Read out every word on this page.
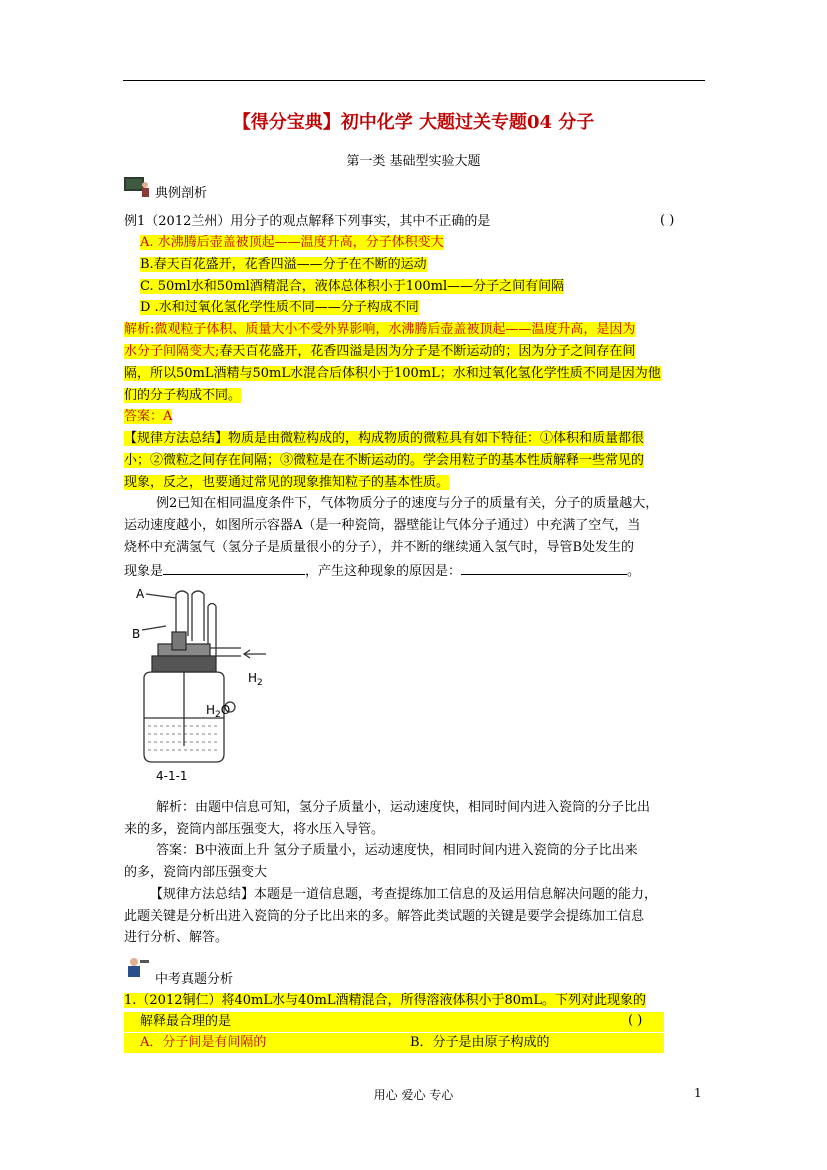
【得分宝典】初中化学 大题过关专题04 分子
第一类 基础型实验大题
典例剖析
例1（2012兰州）用分子的观点解释下列事实，其中不正确的是	( )
A. 水沸腾后壶盖被顶起——温度升高，分子体积变大
B.春天百花盛开，花香四溢——分子在不断的运动
C. 50ml水和50ml酒精混合，液体总体积小于100ml——分子之间有间隔
D .水和过氧化氢化学性质不同——分子构成不同
解析:微观粒子体积、质量大小不受外界影响，水沸腾后壶盖被顶起——温度升高，是因为
水分子间隔变大;春天百花盛开，花香四溢是因为分子是不断运动的；因为分子之间存在间
隔，所以50mL酒精与50mL水混合后体积小于100mL；水和过氧化氢化学性质不同是因为他
们的分子构成不同。
答案：A
【规律方法总结】物质是由微粒构成的，构成物质的微粒具有如下特征：①体积和质量都很
小；②微粒之间存在间隔；③微粒是在不断运动的。学会用粒子的基本性质解释一些常见的
现象，反之，也要通过常见的现象推知粒子的基本性质。
例2已知在相同温度条件下，气体物质分子的速度与分子的质量有关，分子的质量越大，
运动速度越小，如图所示容器A（是一种瓷筒，器壁能让气体分子通过）中充满了空气，当
烧杯中充满氢气（氢分子是质量很小的分子），并不断的继续通入氢气时，导管B处发生的
现象是	，产生这种现象的原因是：	。
A
B
$H_2$
$H_2O$
4-1-1
解析：由题中信息可知，氢分子质量小，运动速度快，相同时间内进入瓷筒的分子比出
来的多，瓷筒内部压强变大，将水压入导管。
答案：B中液面上升 氢分子质量小，运动速度快，相同时间内进入瓷筒的分子比出来
的多，瓷筒内部压强变大
【规律方法总结】本题是一道信息题，考查提练加工信息的及运用信息解决问题的能力，
此题关键是分析出进入瓷筒的分子比出来的多。解答此类试题的关键是要学会提练加工信息
进行分析、解答。
中考真题分析
1.（2012铜仁）将40mL水与40mL酒精混合，所得溶液体积小于80mL。下列对此现象的
解释最合理的是	( )
A．分子间是有间隔的	B．分子是由原子构成的
用心 爱心 专心	1
